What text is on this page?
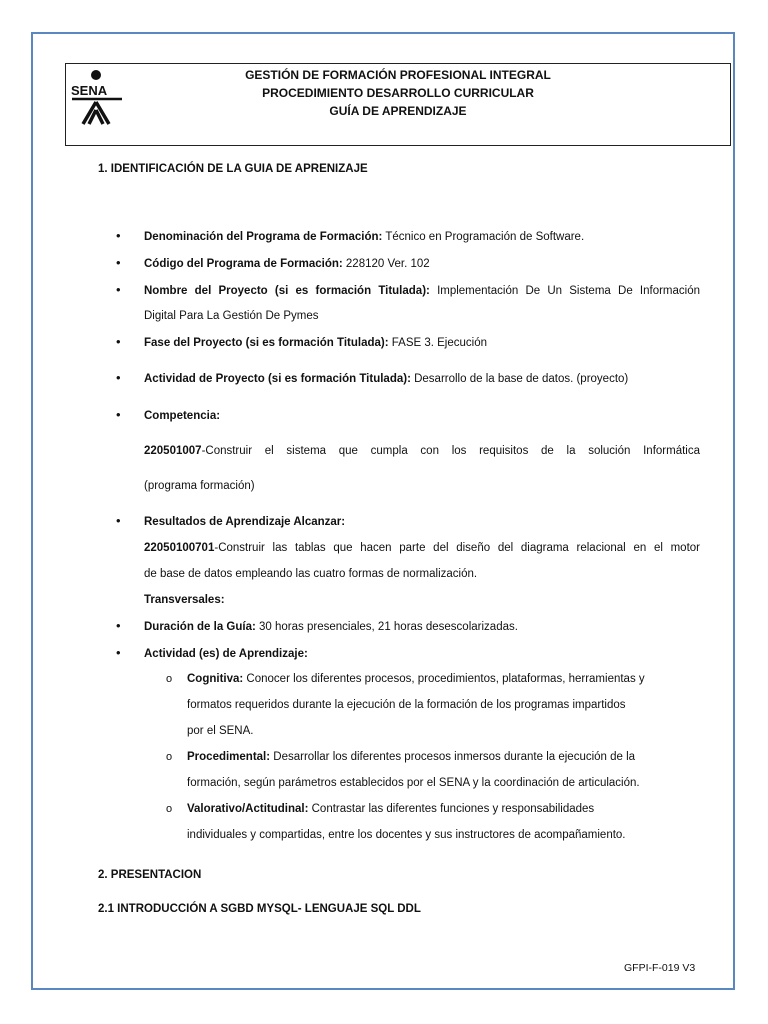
SENA
GESTIÓN DE FORMACIÓN PROFESIONAL INTEGRAL
PROCEDIMIENTO DESARROLLO CURRICULAR
GUÍA DE APRENDIZAJE
1. IDENTIFICACIÓN DE LA GUIA DE APRENIZAJE
• Denominación del Programa de Formación: Técnico en Programación de Software.
• Código del Programa de Formación: 228120 Ver. 102
• Nombre del Proyecto (si es formación Titulada): Implementación De Un Sistema De Información
Digital Para La Gestión De Pymes
• Fase del Proyecto (si es formación Titulada): FASE 3. Ejecución
• Actividad de Proyecto (si es formación Titulada): Desarrollo de la base de datos. (proyecto)
• Competencia:
220501007-Construir el sistema que cumpla con los requisitos de la solución Informática
(programa formación)
• Resultados de Aprendizaje Alcanzar:
22050100701-Construir las tablas que hacen parte del diseño del diagrama relacional en el motor
de base de datos empleando las cuatro formas de normalización.
Transversales:
• Duración de la Guía: 30 horas presenciales, 21 horas desescolarizadas.
• Actividad (es) de Aprendizaje:
o Cognitiva: Conocer los diferentes procesos, procedimientos, plataformas, herramientas y
formatos requeridos durante la ejecución de la formación de los programas impartidos
por el SENA.
o Procedimental: Desarrollar los diferentes procesos inmersos durante la ejecución de la
formación, según parámetros establecidos por el SENA y la coordinación de articulación.
o Valorativo/Actitudinal: Contrastar las diferentes funciones y responsabilidades
individuales y compartidas, entre los docentes y sus instructores de acompañamiento.
2. PRESENTACION
2.1 INTRODUCCIÓN A SGBD MYSQL- LENGUAJE SQL DDL
GFPI-F-019 V3
